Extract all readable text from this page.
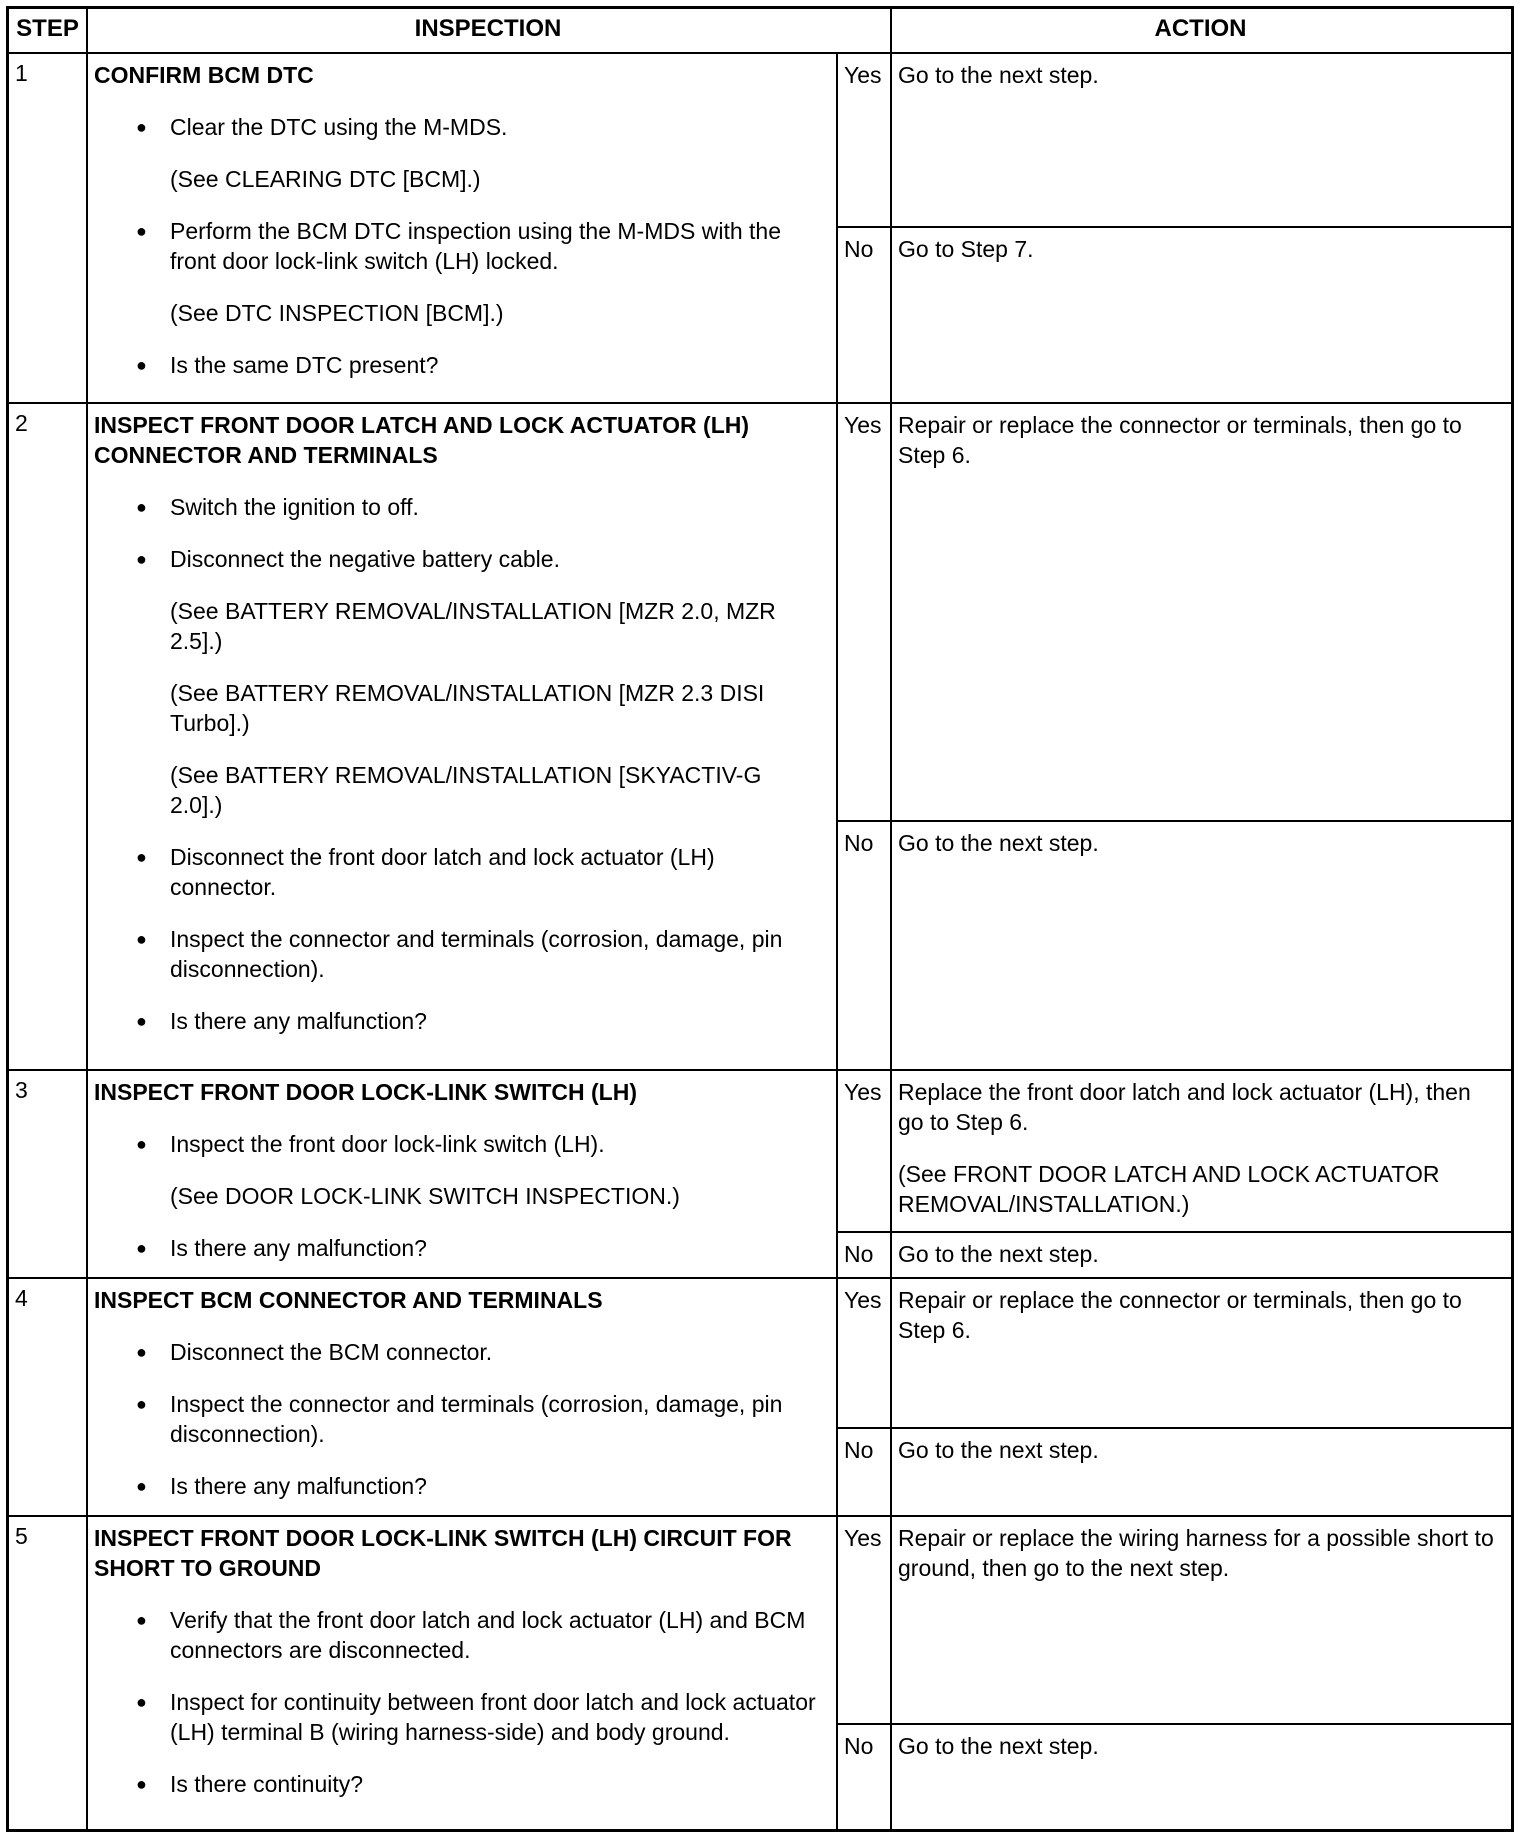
STEP	INSPECTION	ACTION
1	CONFIRM BCM DTC
● Clear the DTC using the M-MDS.
(See CLEARING DTC [BCM].)
● Perform the BCM DTC inspection using the M-MDS with the front door lock-link switch (LH) locked.
(See DTC INSPECTION [BCM].)
● Is the same DTC present?
Yes Go to the next step.

No	Go to Step 7.

2	INSPECT FRONT DOOR LATCH AND LOCK ACTUATOR (LH) CONNECTOR AND TERMINALS
● Switch the ignition to off.
● Disconnect the negative battery cable.
(See BATTERY REMOVAL/INSTALLATION [MZR 2.0, MZR 2.5].)
(See BATTERY REMOVAL/INSTALLATION [MZR 2.3 DISI Turbo].)
(See BATTERY REMOVAL/INSTALLATION [SKYACTIV-G 2.0].)
● Disconnect the front door latch and lock actuator (LH) connector.
● Inspect the connector and terminals (corrosion, damage, pin disconnection).
● Is there any malfunction?
Yes Repair or replace the connector or terminals, then go to Step 6.

No	Go to the next step.

3	INSPECT FRONT DOOR LOCK-LINK SWITCH (LH)
● Inspect the front door lock-link switch (LH).
(See DOOR LOCK-LINK SWITCH INSPECTION.)
● Is there any malfunction?
Yes Replace the front door latch and lock actuator (LH), then go to Step 6.

(See FRONT DOOR LATCH AND LOCK ACTUATOR REMOVAL/INSTALLATION.)

No	Go to the next step.

4	INSPECT BCM CONNECTOR AND TERMINALS
● Disconnect the BCM connector.
● Inspect the connector and terminals (corrosion, damage, pin disconnection).
● Is there any malfunction?
Yes Repair or replace the connector or terminals, then go to Step 6.

No	Go to the next step.

5	INSPECT FRONT DOOR LOCK-LINK SWITCH (LH) CIRCUIT FOR SHORT TO GROUND
● Verify that the front door latch and lock actuator (LH) and BCM connectors are disconnected.
● Inspect for continuity between front door latch and lock actuator (LH) terminal B (wiring harness-side) and body ground.
● Is there continuity?
Yes Repair or replace the wiring harness for a possible short to ground, then go to the next step.

No	Go to the next step.
